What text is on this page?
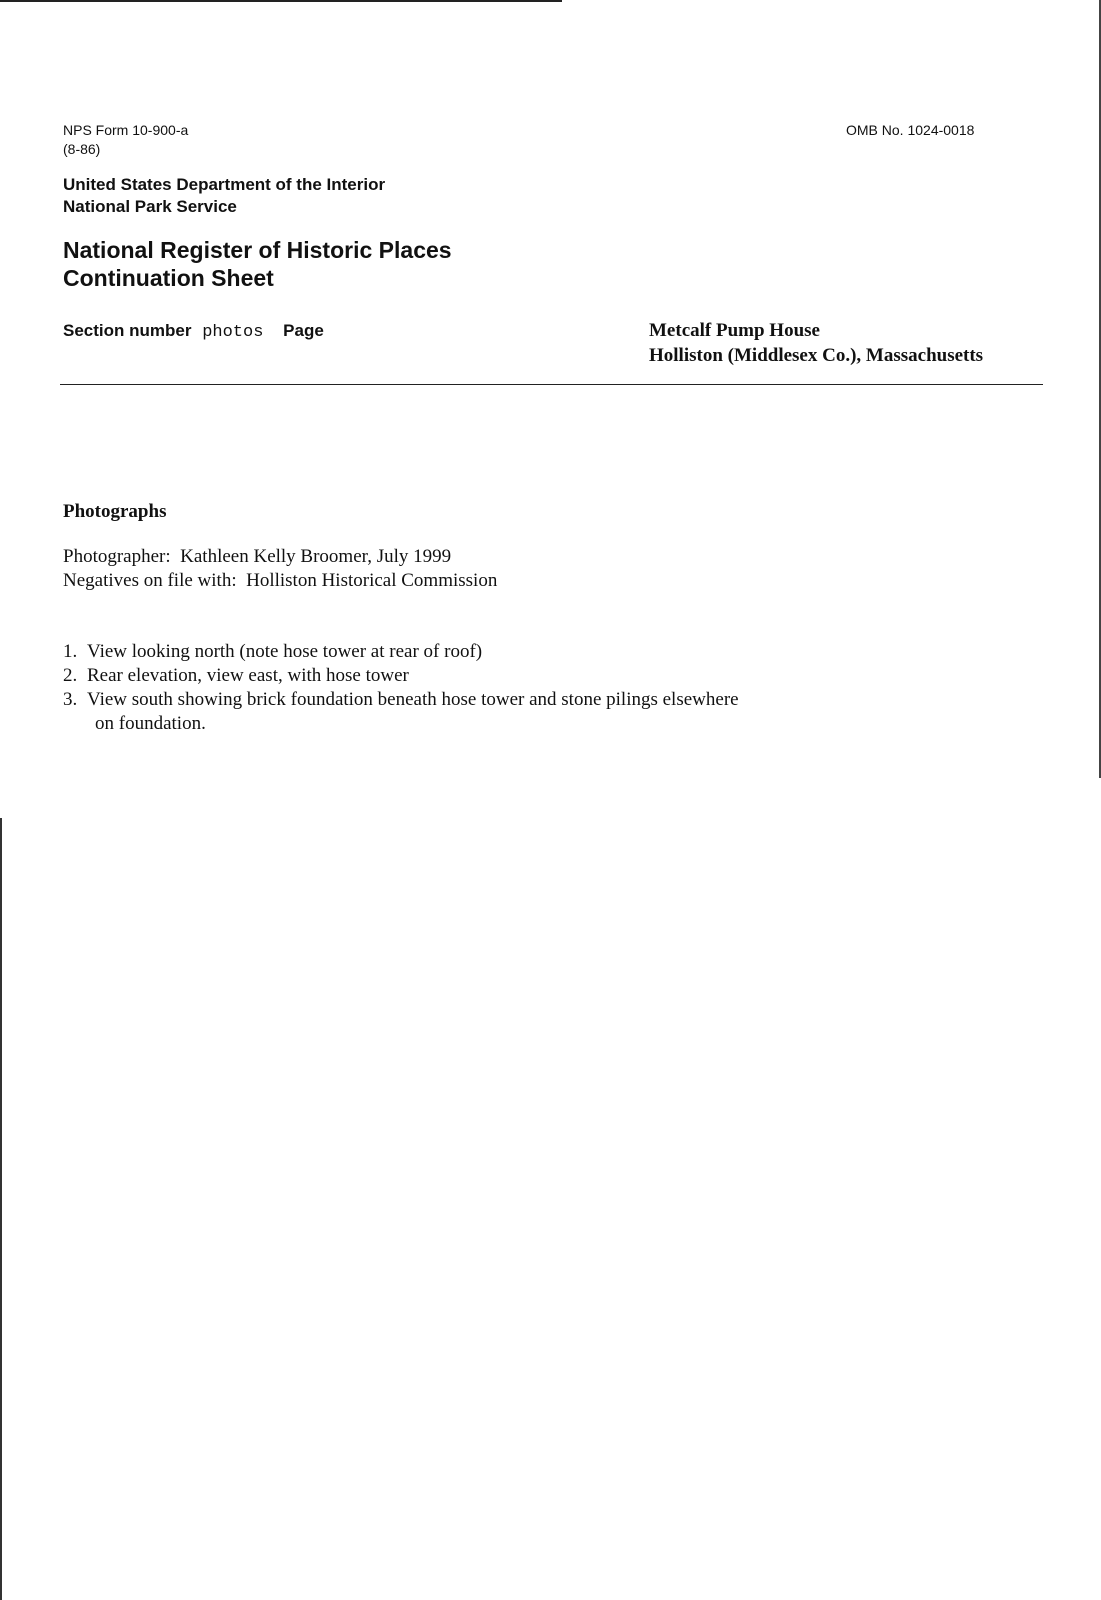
NPS Form 10-900-a
(8-86)
OMB No. 1024-0018
United States Department of the Interior
National Park Service
National Register of Historic Places
Continuation Sheet
Section number photos Page	Metcalf Pump House
Holliston (Middlesex Co.), Massachusetts
Photographs
Photographer:  Kathleen Kelly Broomer, July 1999
Negatives on file with:  Holliston Historical Commission
1. View looking north (note hose tower at rear of roof)
2. Rear elevation, view east, with hose tower
3. View south showing brick foundation beneath hose tower and stone pilings elsewhere
on foundation.
